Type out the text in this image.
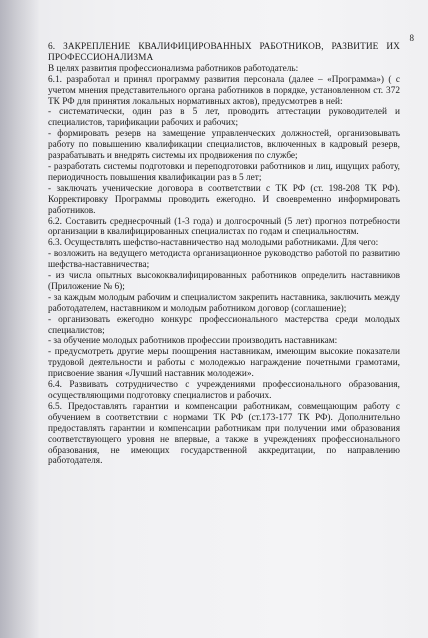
8

6. ЗАКРЕПЛЕНИЕ КВАЛИФИЦИРОВАННЫХ РАБОТНИКОВ, РАЗВИТИЕ ИХ ПРОФЕССИОНАЛИЗМА

В целях развития профессионализма работников работодатель:

6.1. разработал и принял программу развития персонала (далее – «Программа») ( с учетом мнения представительного органа работников в порядке, установленном ст. 372 ТК РФ для принятия локальных нормативных актов), предусмотрев в ней:

- систематически, один раз в 5 лет, проводить аттестации руководителей и специалистов, тарификации рабочих и рабочих;

- формировать резерв на замещение управленческих должностей, организовывать работу по повышению квалификации специалистов, включенных в кадровый резерв, разрабатывать и внедрять системы их продвижения по службе;

- разработать системы подготовки и переподготовки работников и лиц, ищущих работу, периодичность повышения квалификации раз в 5 лет;

- заключать ученические договора в соответствии с ТК РФ (ст. 198-208 ТК РФ). Корректировку Программы проводить ежегодно. И своевременно информировать работников.

6.2. Составить среднесрочный (1-3 года) и долгосрочный (5 лет) прогноз потребности организации в квалифицированных специалистах по годам и специальностям.

6.3. Осуществлять шефство-наставничество над молодыми работниками. Для чего:

- возложить на ведущего методиста организационное руководство работой по развитию шефства-наставничества;

- из числа опытных высококвалифицированных работников определить наставников (Приложение № 6);

- за каждым молодым рабочим и специалистом закрепить наставника, заключить между работодателем, наставником и молодым работником договор (соглашение);

- организовать ежегодно конкурс профессионального мастерства среди молодых специалистов;

- за обучение молодых работников профессии производить наставникам:

- предусмотреть другие меры поощрения наставникам, имеющим высокие показатели трудовой деятельности и работы с молодежью награждение почетными грамотами, присвоение звания «Лучший наставник молодежи».

6.4. Развивать сотрудничество с учреждениями профессионального образования, осуществляющими подготовку специалистов и рабочих.

6.5. Предоставлять гарантии и компенсации работникам, совмещающим работу с обучением в соответствии с нормами ТК РФ (ст.173-177 ТК РФ). Дополнительно предоставлять гарантии и компенсации работникам при получении ими образования соответствующего уровня не впервые, а также в учреждениях профессионального образования, не имеющих государственной аккредитации, по направлению работодателя.
